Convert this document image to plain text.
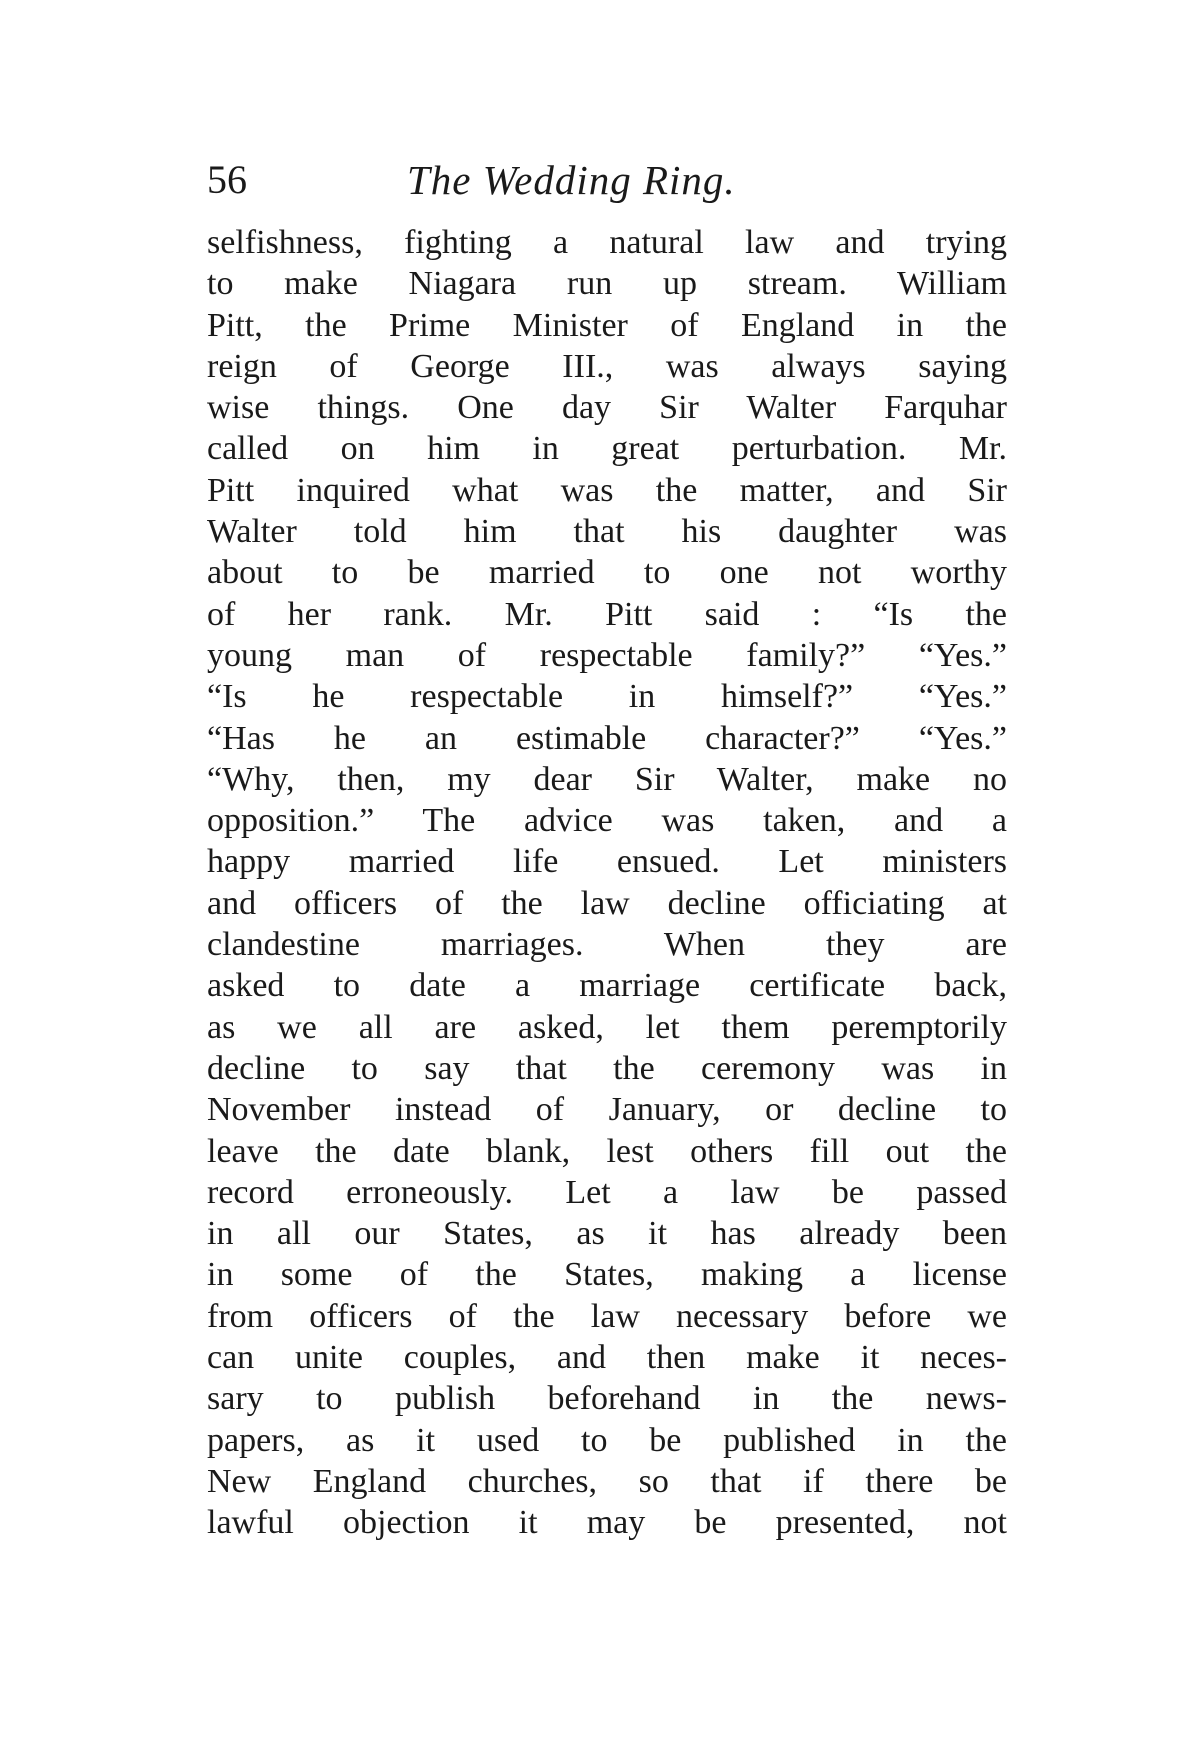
56	The Wedding Ring.
selfishness, fighting a natural law and trying
to make Niagara run up stream. William
Pitt, the Prime Minister of England in the
reign of George III., was always saying
wise things. One day Sir Walter Farquhar
called on him in great perturbation. Mr.
Pitt inquired what was the matter, and Sir
Walter told him that his daughter was
about to be married to one not worthy
of her rank. Mr. Pitt said : “Is the
young man of respectable family?” “Yes.”
“Is he respectable in himself?” “Yes.”
“Has he an estimable character?” “Yes.”
“Why, then, my dear Sir Walter, make no
opposition.” The advice was taken, and a
happy married life ensued. Let ministers
and officers of the law decline officiating at
clandestine marriages. When they are
asked to date a marriage certificate back,
as we all are asked, let them peremptorily
decline to say that the ceremony was in
November instead of January, or decline to
leave the date blank, lest others fill out the
record erroneously. Let a law be passed
in all our States, as it has already been
in some of the States, making a license
from officers of the law necessary before we
can unite couples, and then make it neces-
sary to publish beforehand in the news-
papers, as it used to be published in the
New England churches, so that if there be
lawful objection it may be presented, not
